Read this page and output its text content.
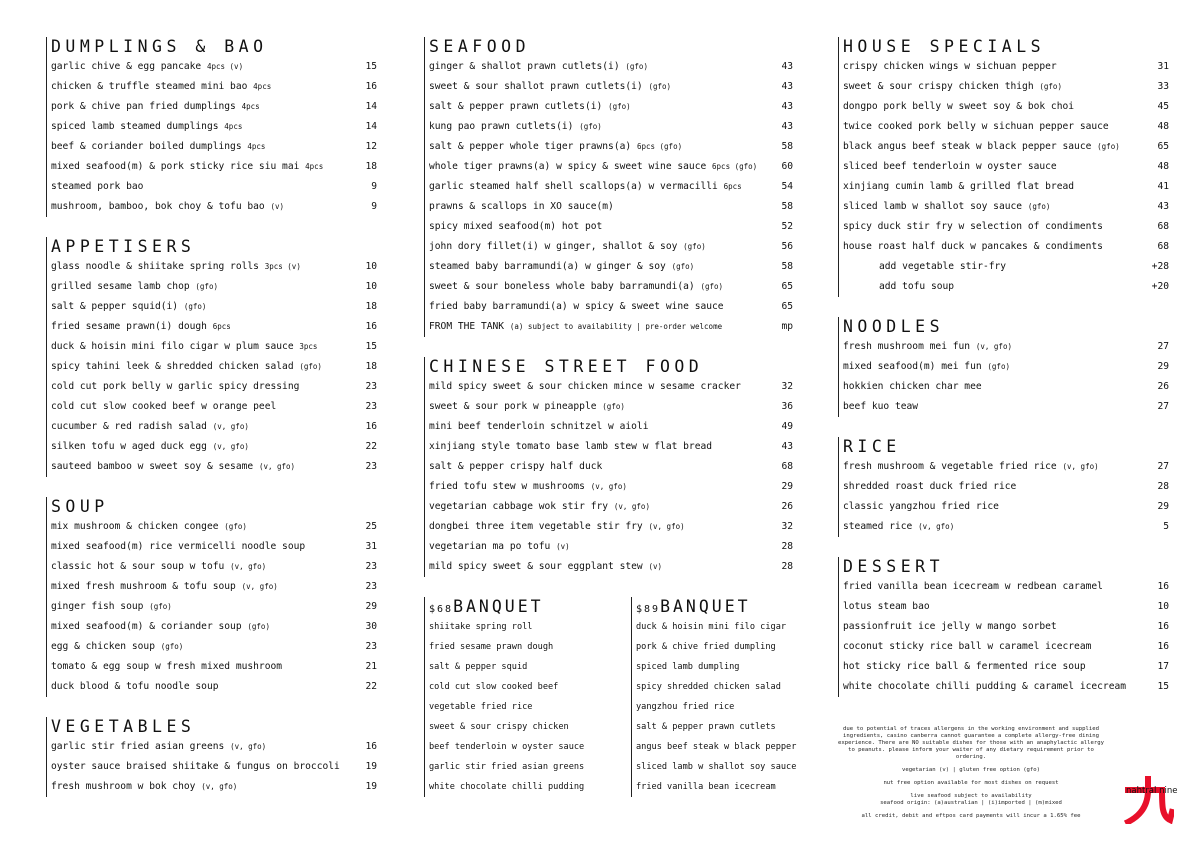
DUMPLINGS & BAO
garlic chive & egg pancake 4pcs (v)	15
chicken & truffle steamed mini bao 4pcs	16
pork & chive pan fried dumplings 4pcs	14
spiced lamb steamed dumplings 4pcs	14
beef & coriander boiled dumplings 4pcs	12
mixed seafood(m) & pork sticky rice siu mai 4pcs	18
steamed pork bao	9
mushroom, bamboo, bok choy & tofu bao (v)	9
APPETISERS
glass noodle & shiitake spring rolls 3pcs (v)	10
grilled sesame lamb chop (gfo)	10
salt & pepper squid(i) (gfo)	18
fried sesame prawn(i) dough 6pcs	16
duck & hoisin mini filo cigar w plum sauce 3pcs	15
spicy tahini leek & shredded chicken salad (gfo)	18
cold cut pork belly w garlic spicy dressing	23
cold cut slow cooked beef w orange peel	23
cucumber & red radish salad (v, gfo)	16
silken tofu w aged duck egg (v, gfo)	22
sauteed bamboo w sweet soy & sesame (v, gfo)	23
SOUP
mix mushroom & chicken congee (gfo)	25
mixed seafood(m) rice vermicelli noodle soup	31
classic hot & sour soup w tofu (v, gfo)	23
mixed fresh mushroom & tofu soup (v, gfo)	23
ginger fish soup (gfo)	29
mixed seafood(m) & coriander soup (gfo)	30
egg & chicken soup (gfo)	23
tomato & egg soup w fresh mixed mushroom	21
duck blood & tofu noodle soup	22
VEGETABLES
garlic stir fried asian greens (v, gfo)	16
oyster sauce braised shiitake & fungus on broccoli	19
fresh mushroom w bok choy (v, gfo)	19
SEAFOOD
ginger & shallot prawn cutlets(i) (gfo)	43
sweet & sour shallot prawn cutlets(i) (gfo)	43
salt & pepper prawn cutlets(i) (gfo)	43
kung pao prawn cutlets(i) (gfo)	43
salt & pepper whole tiger prawns(a) 6pcs (gfo)	58
whole tiger prawns(a) w spicy & sweet wine sauce 6pcs (gfo)	60
garlic steamed half shell scallops(a) w vermacilli 6pcs	54
prawns & scallops in XO sauce(m)	58
spicy mixed seafood(m) hot pot	52
john dory fillet(i) w ginger, shallot & soy (gfo)	56
steamed baby barramundi(a) w ginger & soy (gfo)	58
sweet & sour boneless whole baby barramundi(a) (gfo)	65
fried baby barramundi(a) w spicy & sweet wine sauce	65
FROM THE TANK (a) subject to availability | pre-order welcome	mp
CHINESE STREET FOOD
mild spicy sweet & sour chicken mince w sesame cracker	32
sweet & sour pork w pineapple (gfo)	36
mini beef tenderloin schnitzel w aioli	49
xinjiang style tomato base lamb stew w flat bread	43
salt & pepper crispy half duck	68
fried tofu stew w mushrooms (v, gfo)	29
vegetarian cabbage wok stir fry (v, gfo)	26
dongbei three item vegetable stir fry (v, gfo)	32
vegetarian ma po tofu (v)	28
mild spicy sweet & sour eggplant stew (v)	28
$68BANQUET
shiitake spring roll
fried sesame prawn dough
salt & pepper squid
cold cut slow cooked beef
vegetable fried rice
sweet & sour crispy chicken
beef tenderloin w oyster sauce
garlic stir fried asian greens
white chocolate chilli pudding
$89BANQUET
duck & hoisin mini filo cigar
pork & chive fried dumpling
spiced lamb dumpling
spicy shredded chicken salad
yangzhou fried rice
salt & pepper prawn cutlets
angus beef steak w black pepper
sliced lamb w shallot soy sauce
fried vanilla bean icecream
HOUSE SPECIALS
crispy chicken wings w sichuan pepper	31
sweet & sour crispy chicken thigh (gfo)	33
dongpo pork belly w sweet soy & bok choi	45
twice cooked pork belly w sichuan pepper sauce	48
black angus beef steak w black pepper sauce (gfo)	65
sliced beef tenderloin w oyster sauce	48
xinjiang cumin lamb & grilled flat bread	41
sliced lamb w shallot soy sauce (gfo)	43
spicy duck stir fry w selection of condiments	68
house roast half duck w pancakes & condiments	68
add vegetable stir-fry	+28
add tofu soup	+20
NOODLES
fresh mushroom mei fun (v, gfo)	27
mixed seafood(m) mei fun (gfo)	29
hokkien chicken char mee	26
beef kuo teaw	27
RICE
fresh mushroom & vegetable fried rice (v, gfo)	27
shredded roast duck fried rice	28
classic yangzhou fried rice	29
steamed rice (v, gfo)	5
DESSERT
fried vanilla bean icecream w redbean caramel	16
lotus steam bao	10
passionfruit ice jelly w mango sorbet	16
coconut sticky rice ball w caramel icecream	16
hot sticky rice ball & fermented rice soup	17
white chocolate chilli pudding & caramel icecream	15

due to potential of traces allergens in the working environment and supplied ingredients, casino canberra cannot guarantee a complete allergy-free dining experience. There are NO suitable dishes for those with an anaphylactic allergy to peanuts. please inform your waiter of any dietary requirement prior to ordering.

vegetarian (v) | gluten free option (gfo)

nut free option available for most dishes on request

live seafood subject to availability

seafood origin: (a)australian | (i)imported | (m)mixed

all credit, debit and eftpos card payments will incur a 1.65% fee

nahtral nine
